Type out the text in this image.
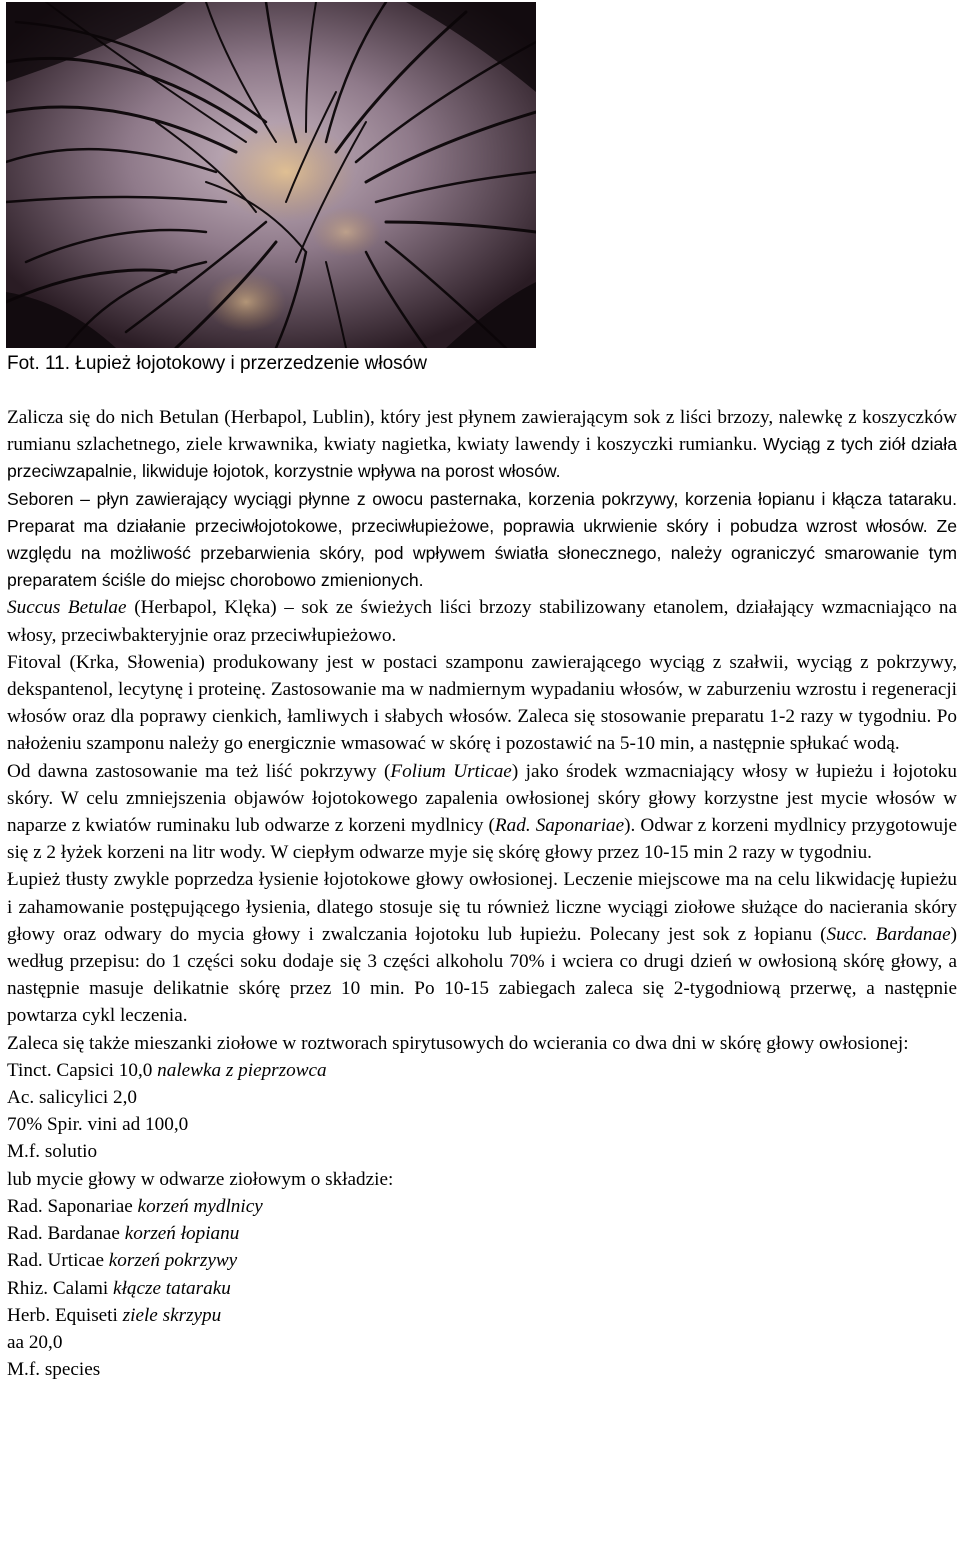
Fot. 11. Łupież łojotokowy i przerzedzenie włosów

Zalicza się do nich Betulan (Herbapol, Lublin), który jest płynem zawierającym sok z liści brzozy, nalewkę z koszyczków rumianu szlachetnego, ziele krwawnika, kwiaty nagietka, kwiaty lawendy i koszyczki rumianku. Wyciąg z tych ziół działa przeciwzapalnie, likwiduje łojotok, korzystnie wpływa na porost włosów.

Seboren – płyn zawierający wyciągi płynne z owocu pasternaka, korzenia pokrzywy, korzenia łopianu i kłącza tataraku. Preparat ma działanie przeciwłojotokowe, przeciwłupieżowe, poprawia ukrwienie skóry i pobudza wzrost włosów. Ze względu na możliwość przebarwienia skóry, pod wpływem światła słonecznego, należy ograniczyć smarowanie tym preparatem ściśle do miejsc chorobowo zmienionych.

Succus Betulae (Herbapol, Klęka) – sok ze świeżych liści brzozy stabilizowany etanolem, działający wzmacniająco na włosy, przeciwbakteryjnie oraz przeciwłupieżowo.

Fitoval (Krka, Słowenia) produkowany jest w postaci szamponu zawierającego wyciąg z szałwii, wyciąg z pokrzywy, dekspantenol, lecytynę i proteinę. Zastosowanie ma w nadmiernym wypadaniu włosów, w zaburzeniu wzrostu i regeneracji włosów oraz dla poprawy cienkich, łamliwych i słabych włosów. Zaleca się stosowanie preparatu 1-2 razy w tygodniu. Po nałożeniu szamponu należy go energicznie wmasować w skórę i pozostawić na 5-10 min, a następnie spłukać wodą.

Od dawna zastosowanie ma też liść pokrzywy (Folium Urticae) jako środek wzmacniający włosy w łupieżu i łojotoku skóry. W celu zmniejszenia objawów łojotokowego zapalenia owłosionej skóry głowy korzystne jest mycie włosów w naparze z kwiatów ruminaku lub odwarze z korzeni mydlnicy (Rad. Saponariae). Odwar z korzeni mydlnicy przygotowuje się z 2 łyżek korzeni na litr wody. W ciepłym odwarze myje się skórę głowy przez 10-15 min 2 razy w tygodniu.

Łupież tłusty zwykle poprzedza łysienie łojotokowe głowy owłosionej. Leczenie miejscowe ma na celu likwidację łupieżu i zahamowanie postępującego łysienia, dlatego stosuje się tu również liczne wyciągi ziołowe służące do nacierania skóry głowy oraz odwary do mycia głowy i zwalczania łojotoku lub łupieżu. Polecany jest sok z łopianu (Succ. Bardanae) według przepisu: do 1 części soku dodaje się 3 części alkoholu 70% i wciera co drugi dzień w owłosioną skórę głowy, a następnie masuje delikatnie skórę przez 10 min. Po 10-15 zabiegach zaleca się 2-tygodniową przerwę, a następnie powtarza cykl leczenia.

Zaleca się także mieszanki ziołowe w roztworach spirytusowych do wcierania co dwa dni w skórę głowy owłosionej:

Tinct. Capsici 10,0 nalewka z pieprzowca

Ac. salicylici 2,0

70% Spir. vini ad 100,0

M.f. solutio

lub mycie głowy w odwarze ziołowym o składzie:

Rad. Saponariae korzeń mydlnicy

Rad. Bardanae korzeń łopianu

Rad. Urticae korzeń pokrzywy

Rhiz. Calami kłącze tataraku

Herb. Equiseti ziele skrzypu

aa 20,0

M.f. species
